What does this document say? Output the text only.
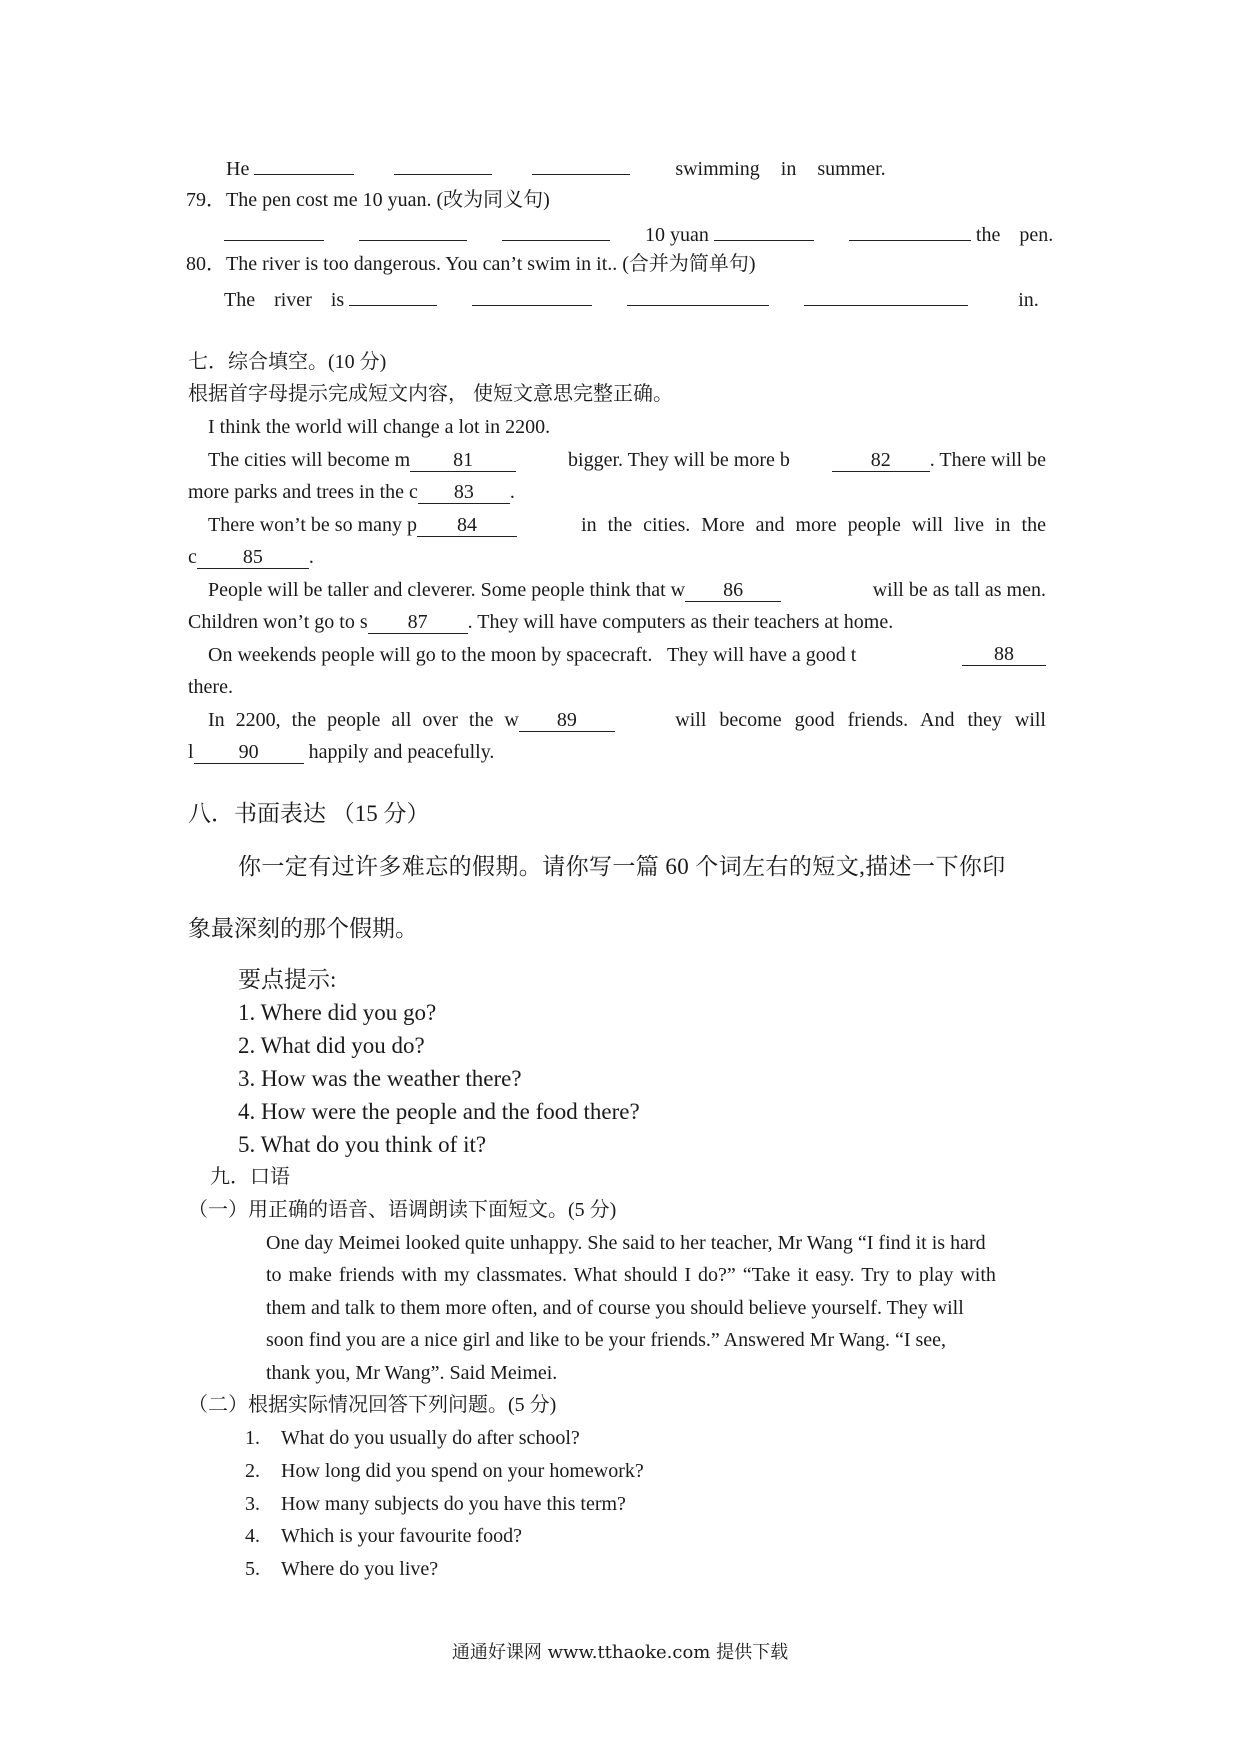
He	swimming in summer.
79．The pen cost me 10 yuan. (改为同义句)
10 yuan	the pen.
80．The river is too dangerous. You can’t swim in it.. (合并为简单句)
The river is	in.
七．综合填空。(10 分)
根据首字母提示完成短文内容， 使短文意思完整正确。
I think the world will change a lot in 2200.
The cities will become m 81	bigger. They will be more b	82 . There will be
more parks and trees in the c 83 .
There won’t be so many p 84	in the cities. More and more people will live in the
c 85 .
People will be taller and cleverer. Some people think that w 86	will be as tall as men.
Children won’t go to s 87 . They will have computers as their teachers at home.
On weekends people will go to the moon by spacecraft.   They will have a good t	88
there.
In 2200, the people all over the w 89	will become good friends. And they will
l 90	happily and peacefully.
八．书面表达 （15 分）
你一定有过许多难忘的假期。请你写一篇 60 个词左右的短文,描述一下你印
象最深刻的那个假期。
要点提示:
1. Where did you go?
2. What did you do?
3. How was the weather there?
4. How were the people and the food there?
5. What do you think of it?
九．口语
（一）用正确的语音、语调朗读下面短文。(5 分)
One day Meimei looked quite unhappy. She said to her teacher, Mr Wang “I find it is hard
to make friends with my classmates. What should I do?” “Take it easy. Try to play with
them and talk to them more often, and of course you should believe yourself. They will
soon find you are a nice girl and like to be your friends.” Answered Mr Wang. “I see,
thank you, Mr Wang”. Said Meimei.
（二）根据实际情况回答下列问题。(5 分)
1. What do you usually do after school?
2. How long did you spend on your homework?
3. How many subjects do you have this term?
4. Which is your favourite food?
5. Where do you live?
通通好课网 www.tthaoke.com 提供下载
